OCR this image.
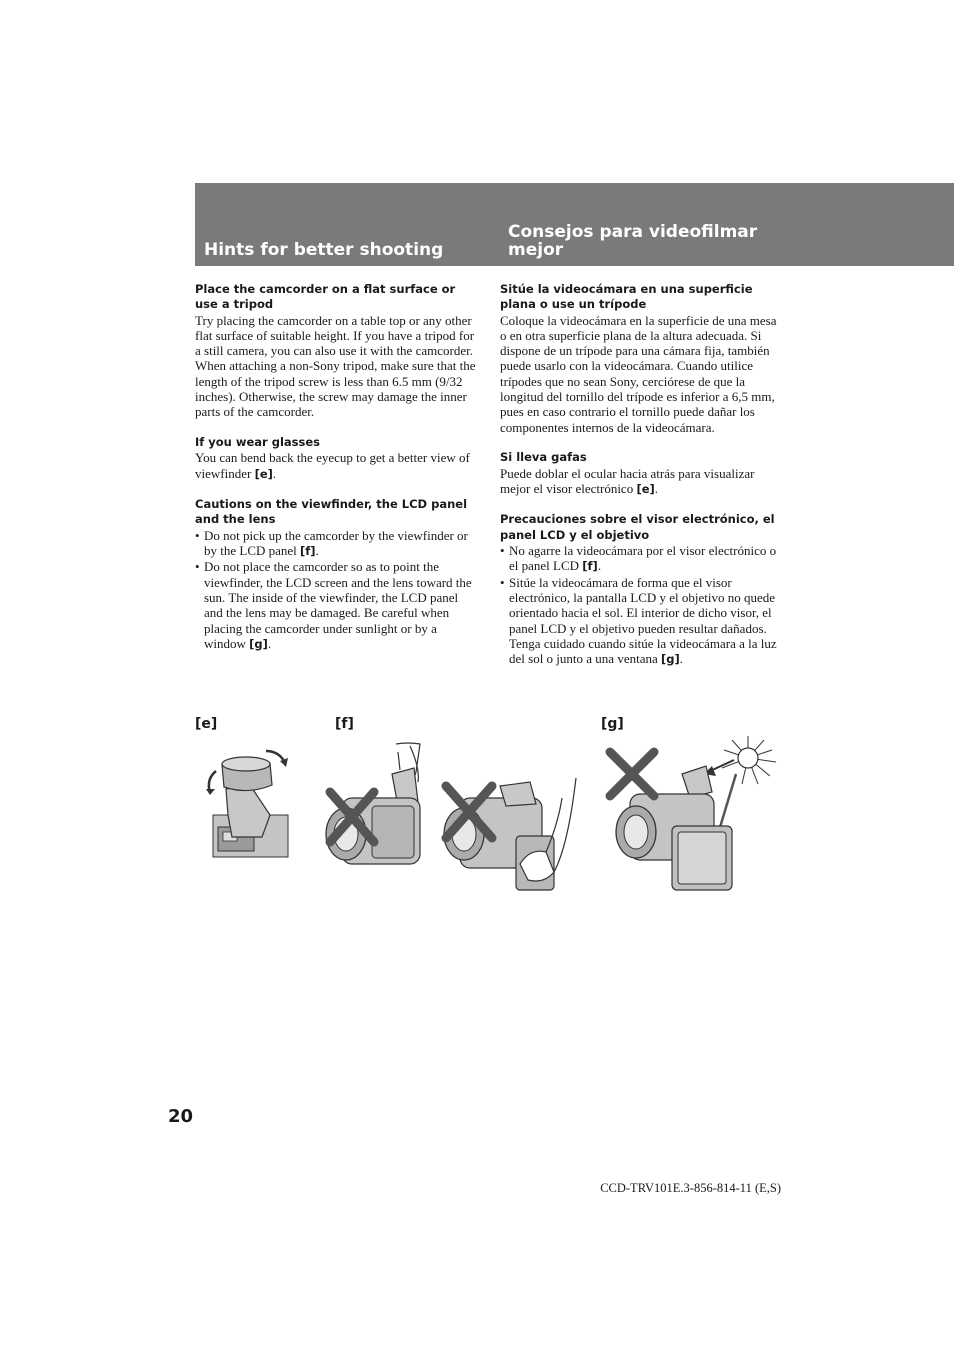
Hints for better shooting
Consejos para videofilmar mejor

Place the camcorder on a flat surface or use a tripod

Try placing the camcorder on a table top or any other flat surface of suitable height. If you have a tripod for a still camera, you can also use it with the camcorder. When attaching a non-Sony tripod, make sure that the length of the tripod screw is less than 6.5 mm (9/32 inches). Otherwise, the screw may damage the inner parts of the camcorder.

If you wear glasses

You can bend back the eyecup to get a better view of viewfinder [e].

Cautions on the viewfinder, the LCD panel and the lens

• Do not pick up the camcorder by the viewfinder or by the LCD panel [f].
• Do not place the camcorder so as to point the viewfinder, the LCD screen and the lens toward the sun. The inside of the viewfinder, the LCD panel and the lens may be damaged. Be careful when placing the camcorder under sunlight or by a window [g].

Sitúe la videocámara en una superficie plana o use un trípode

Coloque la videocámara en la superficie de una mesa o en otra superficie plana de la altura adecuada. Si dispone de un trípode para una cámara fija, también puede usarlo con la videocámara. Cuando utilice trípodes que no sean Sony, cerciórese de que la longitud del tornillo del trípode es inferior a 6,5 mm, pues en caso contrario el tornillo puede dañar los componentes internos de la videocámara.

Si lleva gafas

Puede doblar el ocular hacia atrás para visualizar mejor el visor electrónico [e].

Precauciones sobre el visor electrónico, el panel LCD y el objetivo

• No agarre la videocámara por el visor electrónico o el panel LCD [f].
• Sitúe la videocámara de forma que el visor electrónico, la pantalla LCD y el objetivo no quede orientado hacia el sol. El interior de dicho visor, el panel LCD y el objetivo pueden resultar dañados. Tenga cuidado cuando sitúe la videocámara a la luz del sol o junto a una ventana [g].

[e]	[f]	[g]

20

CCD-TRV101E.3-856-814-11 (E,S)
